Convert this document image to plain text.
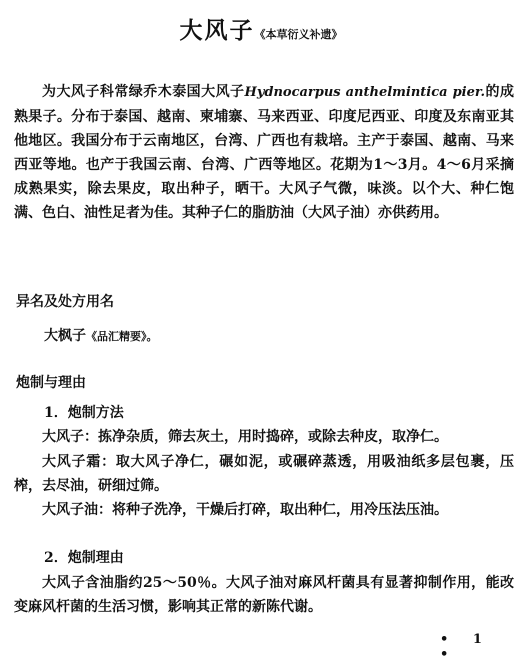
大风子《本草衍义补遗》
为大风子科常绿乔木泰国大风子Hydnocarpus anthelmintica pier.的成熟果子。分布于泰国、越南、柬埔寨、马来西亚、印度尼西亚、印度及东南亚其他地区。我国分布于云南地区，台湾、广西也有栽培。主产于泰国、越南、马来西亚等地。也产于我国云南、台湾、广西等地区。花期为1～3月。4～6月采摘成熟果实，除去果皮，取出种子，晒干。大风子气微，味淡。以个大、种仁饱满、色白、油性足者为佳。其种子仁的脂肪油（大风子油）亦供药用。
异名及处方用名
大枫子《品汇精要》。
炮制与理由
1．炮制方法
大风子：拣净杂质，筛去灰土，用时捣碎，或除去种皮，取净仁。
大风子霜：取大风子净仁，碾如泥，或碾碎蒸透，用吸油纸多层包裹，压榨，去尽油，研细过筛。
大风子油：将种子洗净，干燥后打碎，取出种仁，用冷压法压油。
2．炮制理由
大风子含油脂约25～50％。大风子油对麻风杆菌具有显著抑制作用，能改变麻风杆菌的生活习惯，影响其正常的新陈代谢。
• 1 •
